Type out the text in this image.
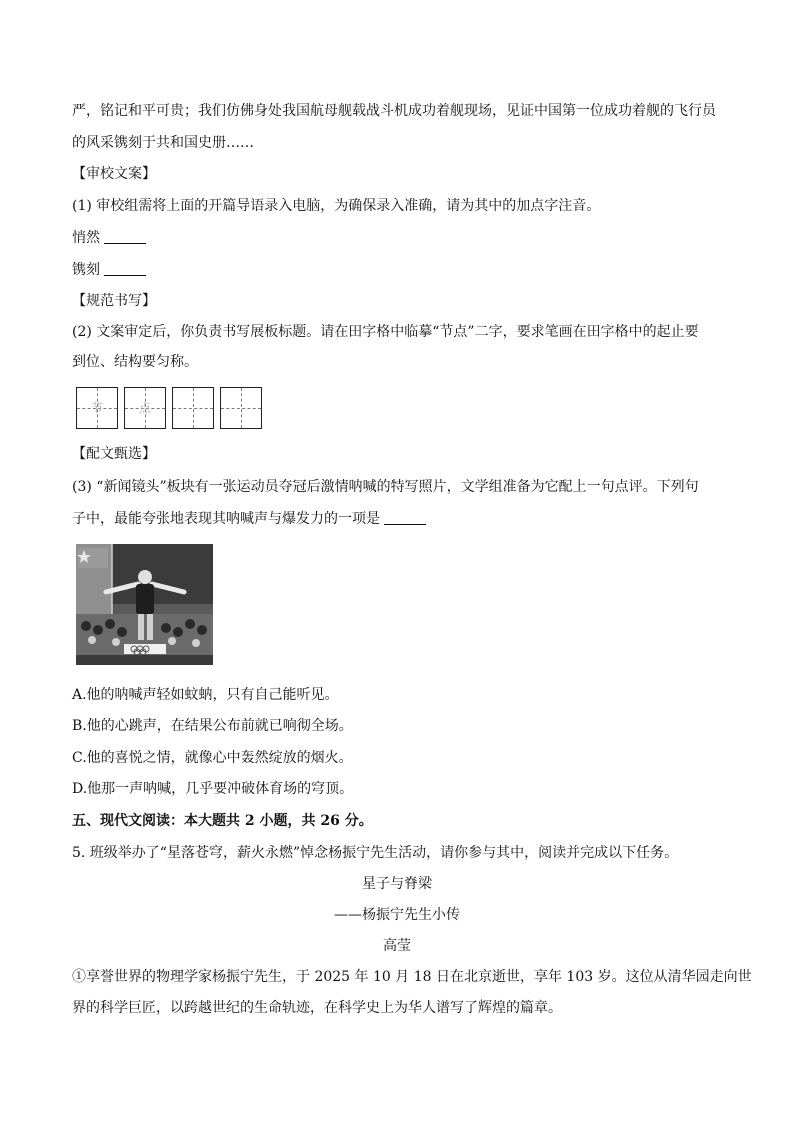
严，铭记和平可贵；我们仿佛身处我国航母舰载战斗机成功着舰现场，见证中国第一位成功着舰的飞行员
的风采镌刻于共和国史册……
【审校文案】
(1) 审校组需将上面的开篇导语录入电脑，为确保录入准确，请为其中的加点字注音。
悄然
镌刻
【规范书写】
(2) 文案审定后，你负责书写展板标题。请在田字格中临摹“节点”二字，要求笔画在田字格中的起止要
到位、结构要匀称。
节	点
【配文甄选】
(3) “新闻镜头”板块有一张运动员夺冠后激情呐喊的特写照片，文学组准备为它配上一句点评。下列句
子中，最能夸张地表现其呐喊声与爆发力的一项是
A.他的呐喊声轻如蚊蚋，只有自己能听见。
B.他的心跳声，在结果公布前就已响彻全场。
C.他的喜悦之情，就像心中轰然绽放的烟火。
D.他那一声呐喊，几乎要冲破体育场的穹顶。
五、现代文阅读：本大题共 2 小题，共 26 分。
5. 班级举办了“星落苍穹，薪火永燃”悼念杨振宁先生活动，请你参与其中，阅读并完成以下任务。
星子与脊梁
——杨振宁先生小传
高莹
①享誉世界的物理学家杨振宁先生，于 2025 年 10 月 18 日在北京逝世，享年 103 岁。这位从清华园走向世
界的科学巨匠，以跨越世纪的生命轨迹，在科学史上为华人谱写了辉煌的篇章。
